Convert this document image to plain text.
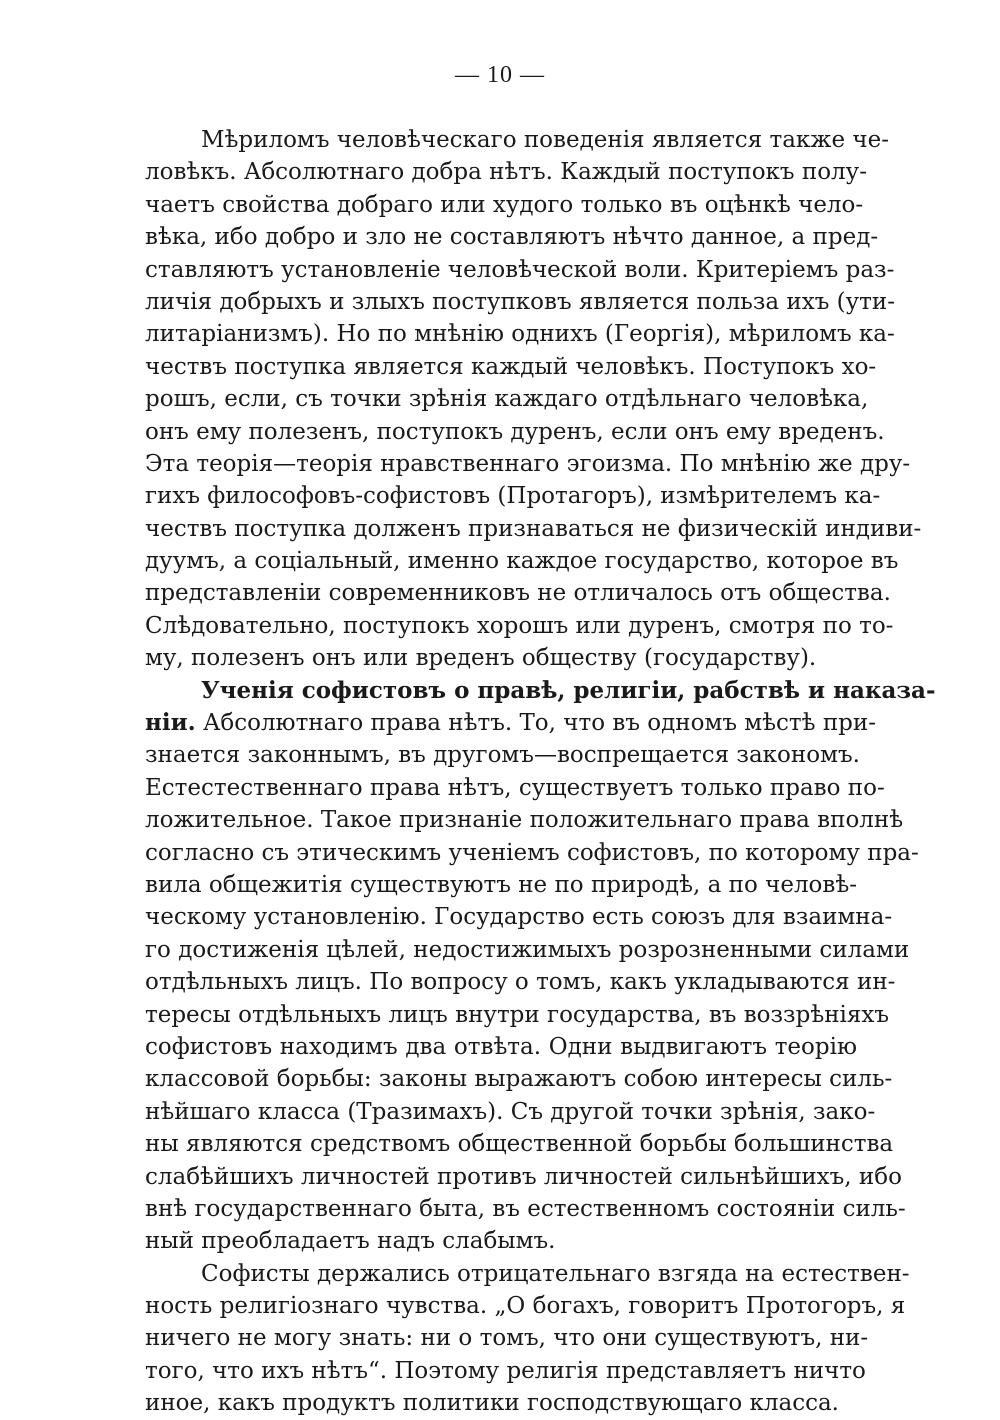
— 10 —
Мѣриломъ человѣческаго поведенія является также че-
ловѣкъ. Абсолютнаго добра нѣтъ. Каждый поступокъ полу-
чаетъ свойства добраго или худого только въ оцѣнкѣ чело-
вѣка, ибо добро и зло не составляютъ нѣчто данное, а пред-
ставляютъ установленіе человѣческой воли. Критеріемъ раз-
личія добрыхъ и злыхъ поступковъ является польза ихъ (ути-
литаріанизмъ). Но по мнѣнію однихъ (Георгія), мѣриломъ ка-
чествъ поступка является каждый человѣкъ. Поступокъ хо-
рошъ, если, съ точки зрѣнія каждаго отдѣльнаго человѣка,
онъ ему полезенъ, поступокъ дуренъ, если онъ ему вреденъ.
Эта теорія—теорія нравственнаго эгоизма. По мнѣнію же дру-
гихъ философовъ-софистовъ (Протагоръ), измѣрителемъ ка-
чествъ поступка долженъ признаваться не физическій индиви-
дуумъ, а соціальный, именно каждое государство, которое въ
представленіи современниковъ не отличалось отъ общества.
Слѣдовательно, поступокъ хорошъ или дуренъ, смотря по то-
му, полезенъ онъ или вреденъ обществу (государству).
Ученія софистовъ о правѣ, религіи, рабствѣ и наказа-
ніи. Абсолютнаго права нѣтъ. То, что въ одномъ мѣстѣ при-
знается законнымъ, въ другомъ—воспрещается закономъ.
Естестественнаго права нѣтъ, существуетъ только право по-
ложительное. Такое признаніе положительнаго права вполнѣ
согласно съ этическимъ ученіемъ софистовъ, по которому пра-
вила общежитія существуютъ не по природѣ, а по человѣ-
ческому установленію. Государство есть союзъ для взаимна-
го достиженія цѣлей, недостижимыхъ розрозненными силами
отдѣльныхъ лицъ. По вопросу о томъ, какъ укладываются ин-
тересы отдѣльныхъ лицъ внутри государства, въ воззрѣніяхъ
софистовъ находимъ два отвѣта. Одни выдвигаютъ теорію
классовой борьбы: законы выражаютъ собою интересы силь-
нѣйшаго класса (Тразимахъ). Съ другой точки зрѣнія, зако-
ны являются средствомъ общественной борьбы большинства
слабѣйшихъ личностей противъ личностей сильнѣйшихъ, ибо
внѣ государственнаго быта, въ естественномъ состояніи силь-
ный преобладаетъ надъ слабымъ.
Софисты держались отрицательнаго взгяда на естествен-
ность религіознаго чувства. „О богахъ, говоритъ Протогоръ, я
ничего не могу знать: ни о томъ, что они существуютъ, ни-
того, что ихъ нѣтъ“. Поэтому религія представляетъ ничто
иное, какъ продуктъ политики господствующаго класса.
